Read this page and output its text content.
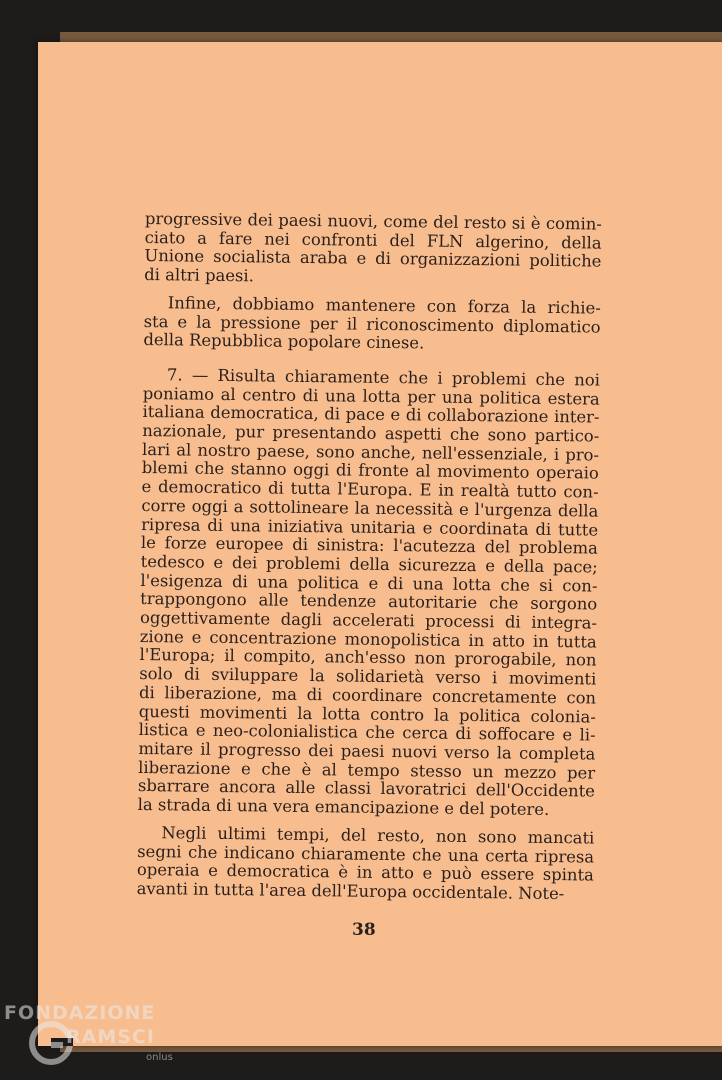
progressive dei paesi nuovi, come del resto si è comin-
ciato a fare nei confronti del FLN algerino, della
Unione socialista araba e di organizzazioni politiche
di altri paesi.
Infine, dobbiamo mantenere con forza la richie-
sta e la pressione per il riconoscimento diplomatico
della Repubblica popolare cinese.
7. — Risulta chiaramente che i problemi che noi
poniamo al centro di una lotta per una politica estera
italiana democratica, di pace e di collaborazione inter-
nazionale, pur presentando aspetti che sono partico-
lari al nostro paese, sono anche, nell'essenziale, i pro-
blemi che stanno oggi di fronte al movimento operaio
e democratico di tutta l'Europa. E in realtà tutto con-
corre oggi a sottolineare la necessità e l'urgenza della
ripresa di una iniziativa unitaria e coordinata di tutte
le forze europee di sinistra: l'acutezza del problema
tedesco e dei problemi della sicurezza e della pace;
l'esigenza di una politica e di una lotta che si con-
trappongono alle tendenze autoritarie che sorgono
oggettivamente dagli accelerati processi di integra-
zione e concentrazione monopolistica in atto in tutta
l'Europa; il compito, anch'esso non prorogabile, non
solo di sviluppare la solidarietà verso i movimenti
di liberazione, ma di coordinare concretamente con
questi movimenti la lotta contro la politica colonia-
listica e neo-colonialistica che cerca di soffocare e li-
mitare il progresso dei paesi nuovi verso la completa
liberazione e che è al tempo stesso un mezzo per
sbarrare ancora alle classi lavoratrici dell'Occidente
la strada di una vera emancipazione e del potere.
Negli ultimi tempi, del resto, non sono mancati
segni che indicano chiaramente che una certa ripresa
operaia e democratica è in atto e può essere spinta
avanti in tutta l'area dell'Europa occidentale. Note-
38
FONDAZIONE
RAMSCI
onlus
